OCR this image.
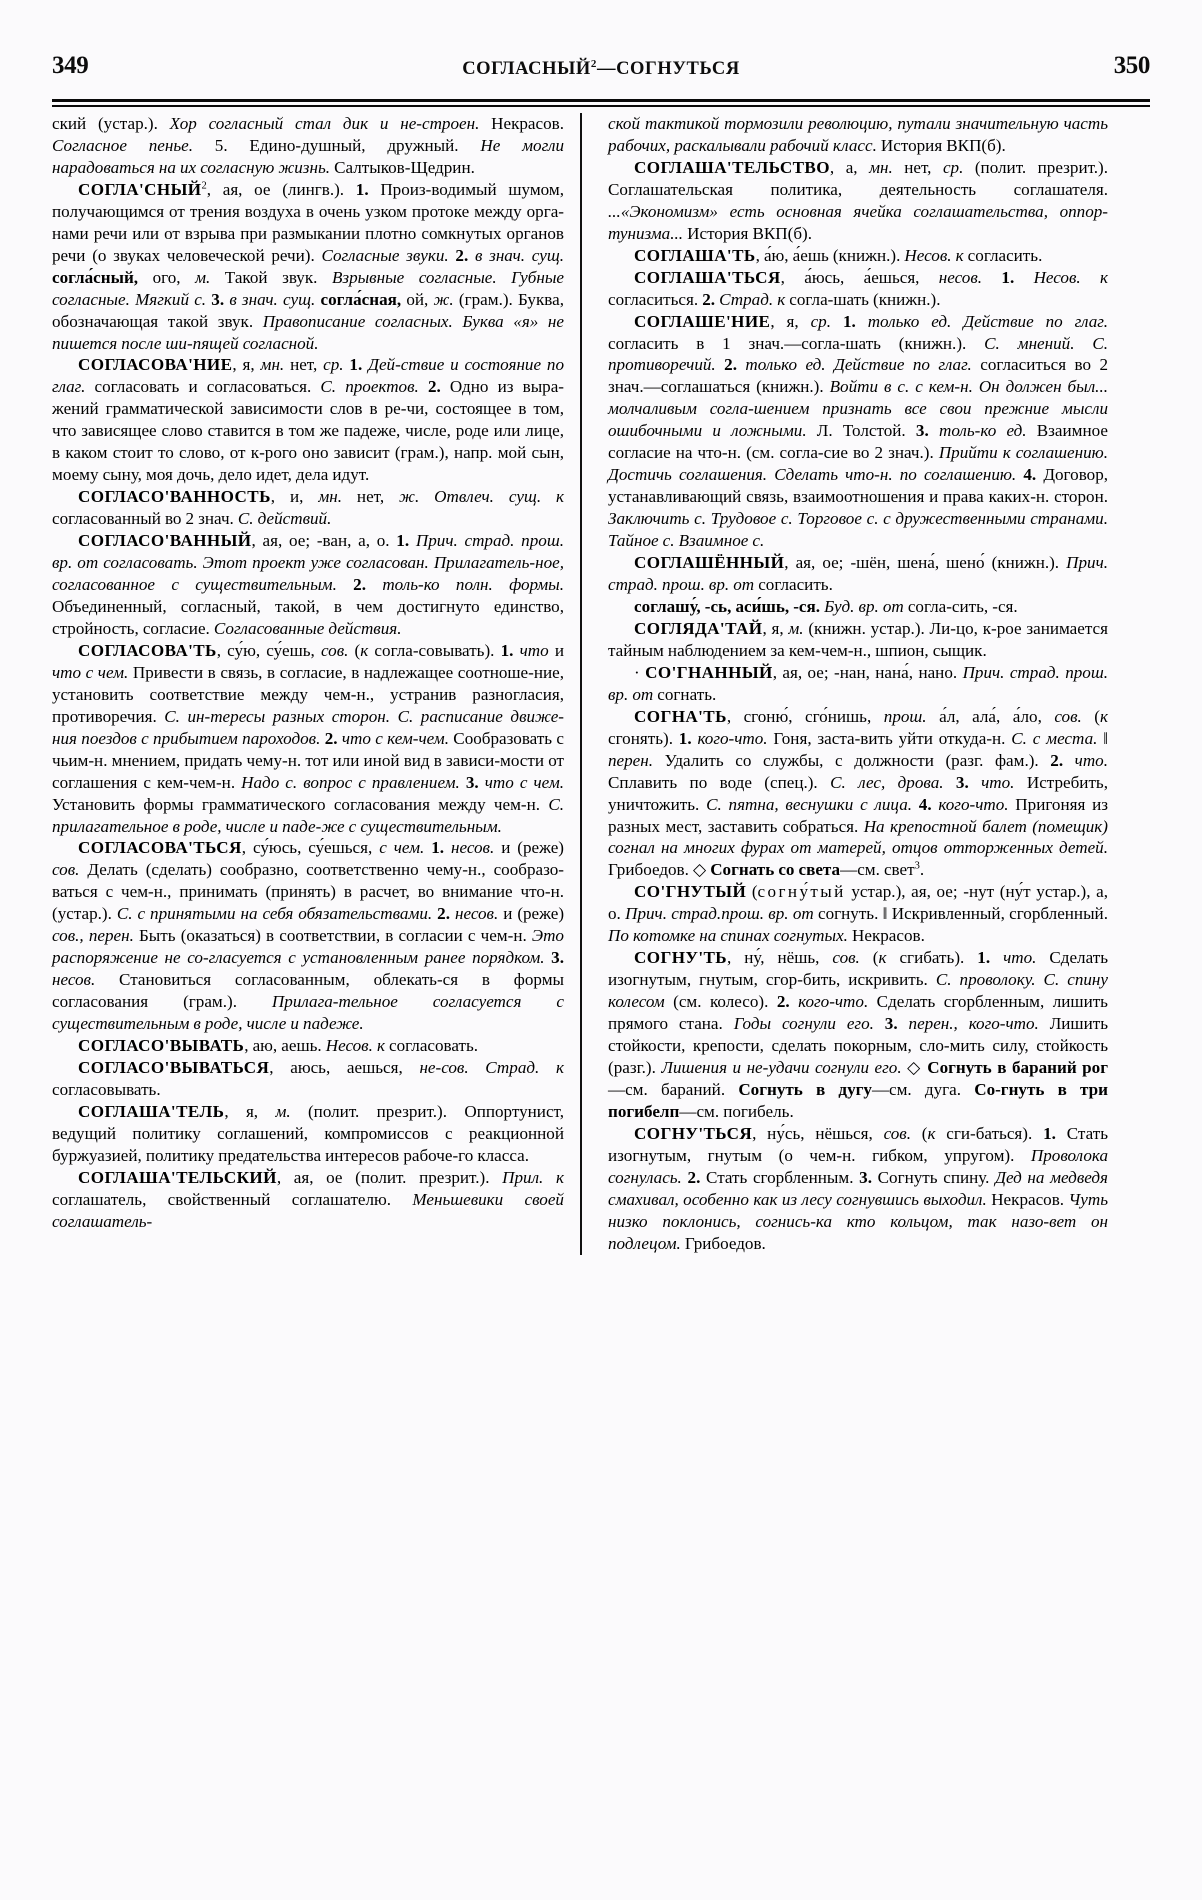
349	СОГЛАСНЫЙ$^2$—СОГНУТЬСЯ	350

ский (устар.). Хор согласный стал дик и не-строен. Некрасов. Согласное пенье. 5. Едино-душный, дружный. Не могли нарадоваться на их согласную жизнь. Салтыков-Щедрин.

СОГЛА'СНЫЙ$^2$, ая, ое (лингв.). 1. Произ-водимый шумом, получающимся от трения воздуха в очень узком протоке между орга-нами речи или от взрыва при размыкании плотно сомкнутых органов речи (о звуках человеческой речи). Согласные звуки. 2. в знач. сущ. согла́сный, ого, м. Такой звук. Взрывные согласные. Губные согласные. Мягкий с. 3. в знач. сущ. согла́сная, ой, ж. (грам.). Буква, обозначающая такой звук. Правописание согласных. Буква «я» не пишется после ши-пящей согласной.

СОГЛАСОВА'НИЕ, я, мн. нет, ср. 1. Дей-ствие и состояние по глаг. согласовать и согласоваться. С. проектов. 2. Одно из выра-жений грамматической зависимости слов в ре-чи, состоящее в том, что зависящее слово ставится в том же падеже, числе, роде или лице, в каком стоит то слово, от к-рого оно зависит (грам.), напр. мой сын, моему сыну, моя дочь, дело идет, дела идут.

СОГЛАСО'ВАННОСТЬ, и, мн. нет, ж. Отвлеч. сущ. к согласованный во 2 знач. С. действий.

СОГЛАСО'ВАННЫЙ, ая, ое; -ван, а, о. 1. Прич. страд. прош. вр. от согласовать. Этот проект уже согласован. Прилагатель-ное, согласованное с существительным. 2. толь-ко полн. формы. Объединенный, согласный, такой, в чем достигнуто единство, стройность, согласие. Согласованные действия.

СОГЛАСОВА'ТЬ, су́ю, су́ешь, сов. (к согла-совывать). 1. что и что с чем. Привести в связь, в согласие, в надлежащее соотноше-ние, установить соответствие между чем-н., устранив разногласия, противоречия. С. ин-тересы разных сторон. С. расписание движе-ния поездов с прибытием пароходов. 2. что с кем-чем. Сообразовать с чьим-н. мнением, придать чему-н. тот или иной вид в зависи-мости от соглашения с кем-чем-н. Надо с. вопрос с правлением. 3. что с чем. Установить формы грамматического согласования между чем-н. С. прилагательное в роде, числе и паде-же с существительным.

СОГЛАСОВА'ТЬСЯ, су́юсь, су́ешься, с чем. 1. несов. и (реже) сов. Делать (сделать) сообразно, соответственно чему-н., сообразо-ваться с чем-н., принимать (принять) в расчет, во внимание что-н. (устар.). С. с принятыми на себя обязательствами. 2. несов. и (реже) сов., перен. Быть (оказаться) в соответствии, в согласии с чем-н. Это распоряжение не со-гласуется с установленным ранее порядком. 3. несов. Становиться согласованным, облекать-ся в формы согласования (грам.). Прилага-тельное согласуется с существительным в роде, числе и падеже.

СОГЛАСО'ВЫВАТЬ, аю, аешь. Несов. к согласовать.

СОГЛАСО'ВЫВАТЬСЯ, аюсь, аешься, не-сов. Страд. к согласовывать.

СОГЛАША'ТЕЛЬ, я, м. (полит. презрит.). Оппортунист, ведущий политику соглашений, компромиссов с реакционной буржуазией, политику предательства интересов рабоче-го класса.

СОГЛАША'ТЕЛЬСКИЙ, ая, ое (полит. презрит.). Прил. к соглашатель, свойственный соглашателю. Меньшевики своей соглашатель-

ской тактикой тормозили революцию, путали значительную часть рабочих, раскалывали рабочий класс. История ВКП(б).

СОГЛАША'ТЕЛЬСТВО, а, мн. нет, ср. (полит. презрит.). Соглашательская политика, деятельность соглашателя. ...«Экономизм» есть основная ячейка соглашательства, оппор-тунизма... История ВКП(б).

СОГЛАША'ТЬ, а́ю, а́ешь (книжн.). Несов. к согласить.

СОГЛАША'ТЬСЯ, а́юсь, а́ешься, несов. 1. Несов. к согласиться. 2. Страд. к согла-шать (книжн.).

СОГЛАШЕ'НИЕ, я, ср. 1. только ед. Действие по глаг. согласить в 1 знач.—согла-шать (книжн.). С. мнений. С. противоречий. 2. только ед. Действие по глаг. согласиться во 2 знач.—соглашаться (книжн.). Войти в с. с кем-н. Он должен был... молчаливым согла-шением признать все свои прежние мысли ошибочными и ложными. Л. Толстой. 3. толь-ко ед. Взаимное согласие на что-н. (см. согла-сие во 2 знач.). Прийти к соглашению. Достичь соглашения. Сделать что-н. по соглашению. 4. Договор, устанавливающий связь, взаимоотношения и права каких-н. сторон. Заключить с. Трудовое с. Торговое с. с дружественными странами. Тайное с. Взаимное с.

СОГЛАШЁННЫЙ, ая, ое; -шён, шена́, шено́ (книжн.). Прич. страд. прош. вр. от согласить.

соглашу́, -сь, аси́шь, -ся. Буд. вр. от согла-сить, -ся.

СОГЛЯДА'ТАЙ, я, м. (книжн. устар.). Ли-цо, к-рое занимается тайным наблюдением за кем-чем-н., шпион, сыщик.

· СО'ГНАННЫЙ, ая, ое; -нан, нана́, нано. Прич. страд. прош. вр. от согнать.

СОГНА'ТЬ, сгоню́, сго́нишь, прош. а́л, ала́, а́ло, сов. (к сгонять). 1. кого-что. Гоня, заста-вить уйти откуда-н. С. с места. ‖ перен. Удалить со службы, с должности (разг. фам.). 2. что. Сплавить по воде (спец.). С. лес, дрова. 3. что. Истребить, уничтожить. С. пятна, веснушки с лица. 4. кого-что. Пригоняя из разных мест, заставить собраться. На крепостной балет (помещик) согнал на многих фурах от матерей, отцов отторженных детей. Грибоедов. ◇ Согнать со света—см. свет$^3$.

СО'ГНУТЫЙ (согну́тый устар.), ая, ое; -нут (ну́т устар.), а, о. Прич. страд.прош. вр. от согнуть. ‖ Искривленный, сгорбленный. По котомке на спинах согнутых. Некрасов.

СОГНУ'ТЬ, ну́, нёшь, сов. (к сгибать). 1. что. Сделать изогнутым, гнутым, сгор-бить, искривить. С. проволоку. С. спину колесом (см. колесо). 2. кого-что. Сделать сгорбленным, лишить прямого стана. Годы согнули его. 3. перен., кого-что. Лишить стойкости, крепости, сделать покорным, сло-мить силу, стойкость (разг.). Лишения и не-удачи согнули его. ◇ Согнуть в бараний рог—см. бараний. Согнуть в дугу—см. дуга. Со-гнуть в три погибелп—см. погибель.

СОГНУ'ТЬСЯ, ну́сь, нёшься, сов. (к сги-баться). 1. Стать изогнутым, гнутым (о чем-н. гибком, упругом). Проволока согнулась. 2. Стать сгорбленным. 3. Согнуть спину. Дед на медведя смахивал, особенно как из лесу согнувшись выходил. Некрасов. Чуть низко поклонись, согнись-ка кто кольцом, так назо-вет он подлецом. Грибоедов.
